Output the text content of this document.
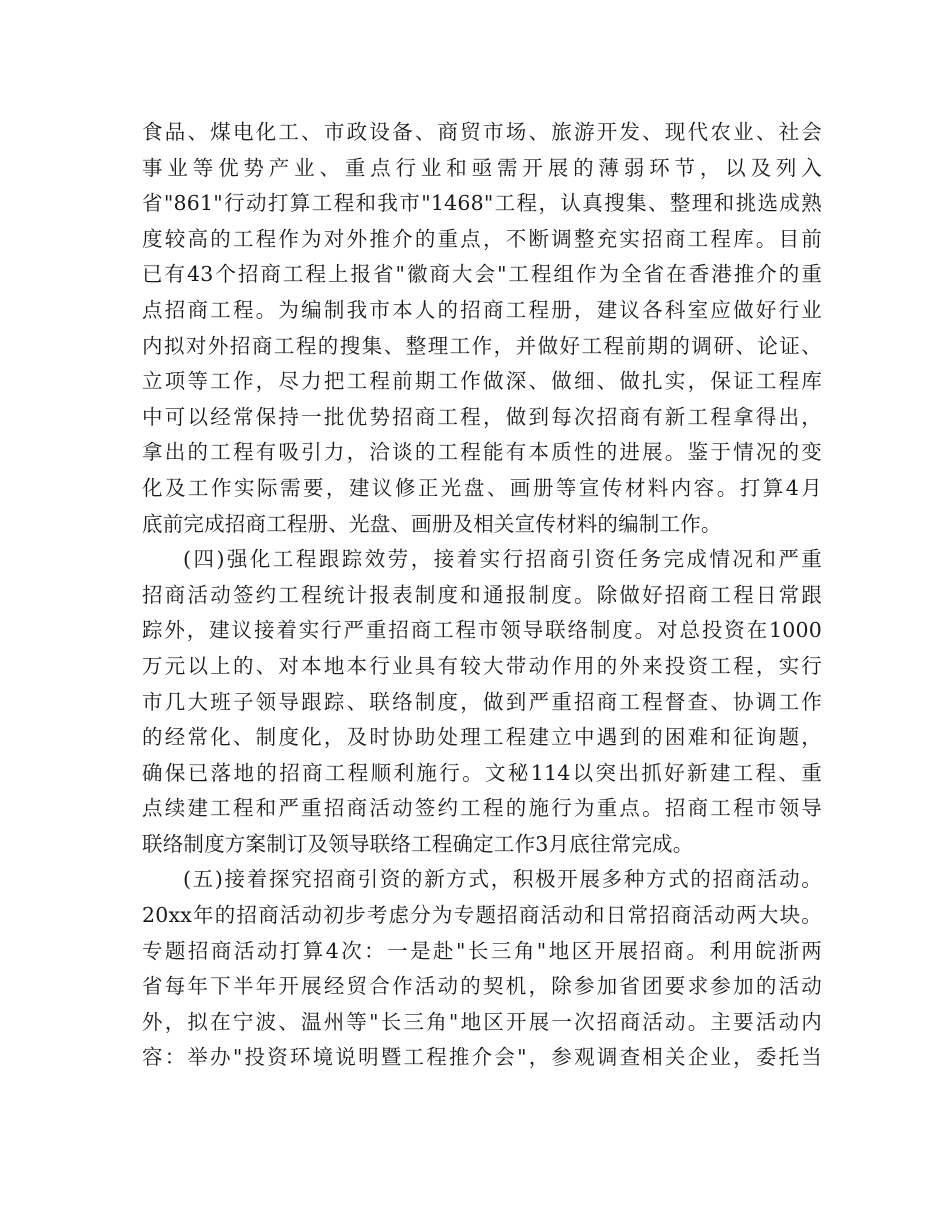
食品、煤电化工、市政设备、商贸市场、旅游开发、现代农业、社会
事业等优势产业、重点行业和亟需开展的薄弱环节，以及列入
省"861"行动打算工程和我市"1468"工程，认真搜集、整理和挑选成熟
度较高的工程作为对外推介的重点，不断调整充实招商工程库。目前
已有43个招商工程上报省"徽商大会"工程组作为全省在香港推介的重
点招商工程。为编制我市本人的招商工程册，建议各科室应做好行业
内拟对外招商工程的搜集、整理工作，并做好工程前期的调研、论证、
立项等工作，尽力把工程前期工作做深、做细、做扎实，保证工程库
中可以经常保持一批优势招商工程，做到每次招商有新工程拿得出，
拿出的工程有吸引力，洽谈的工程能有本质性的进展。鉴于情况的变
化及工作实际需要，建议修正光盘、画册等宣传材料内容。打算4月
底前完成招商工程册、光盘、画册及相关宣传材料的编制工作。
(四)强化工程跟踪效劳，接着实行招商引资任务完成情况和严重
招商活动签约工程统计报表制度和通报制度。除做好招商工程日常跟
踪外，建议接着实行严重招商工程市领导联络制度。对总投资在1000
万元以上的、对本地本行业具有较大带动作用的外来投资工程，实行
市几大班子领导跟踪、联络制度，做到严重招商工程督查、协调工作
的经常化、制度化，及时协助处理工程建立中遇到的困难和征询题，
确保已落地的招商工程顺利施行。文秘114以突出抓好新建工程、重
点续建工程和严重招商活动签约工程的施行为重点。招商工程市领导
联络制度方案制订及领导联络工程确定工作3月底往常完成。
(五)接着探究招商引资的新方式，积极开展多种方式的招商活动。
20xx年的招商活动初步考虑分为专题招商活动和日常招商活动两大块。
专题招商活动打算4次：一是赴"长三角"地区开展招商。利用皖浙两
省每年下半年开展经贸合作活动的契机，除参加省团要求参加的活动
外，拟在宁波、温州等"长三角"地区开展一次招商活动。主要活动内
容：举办"投资环境说明暨工程推介会"，参观调查相关企业，委托当
